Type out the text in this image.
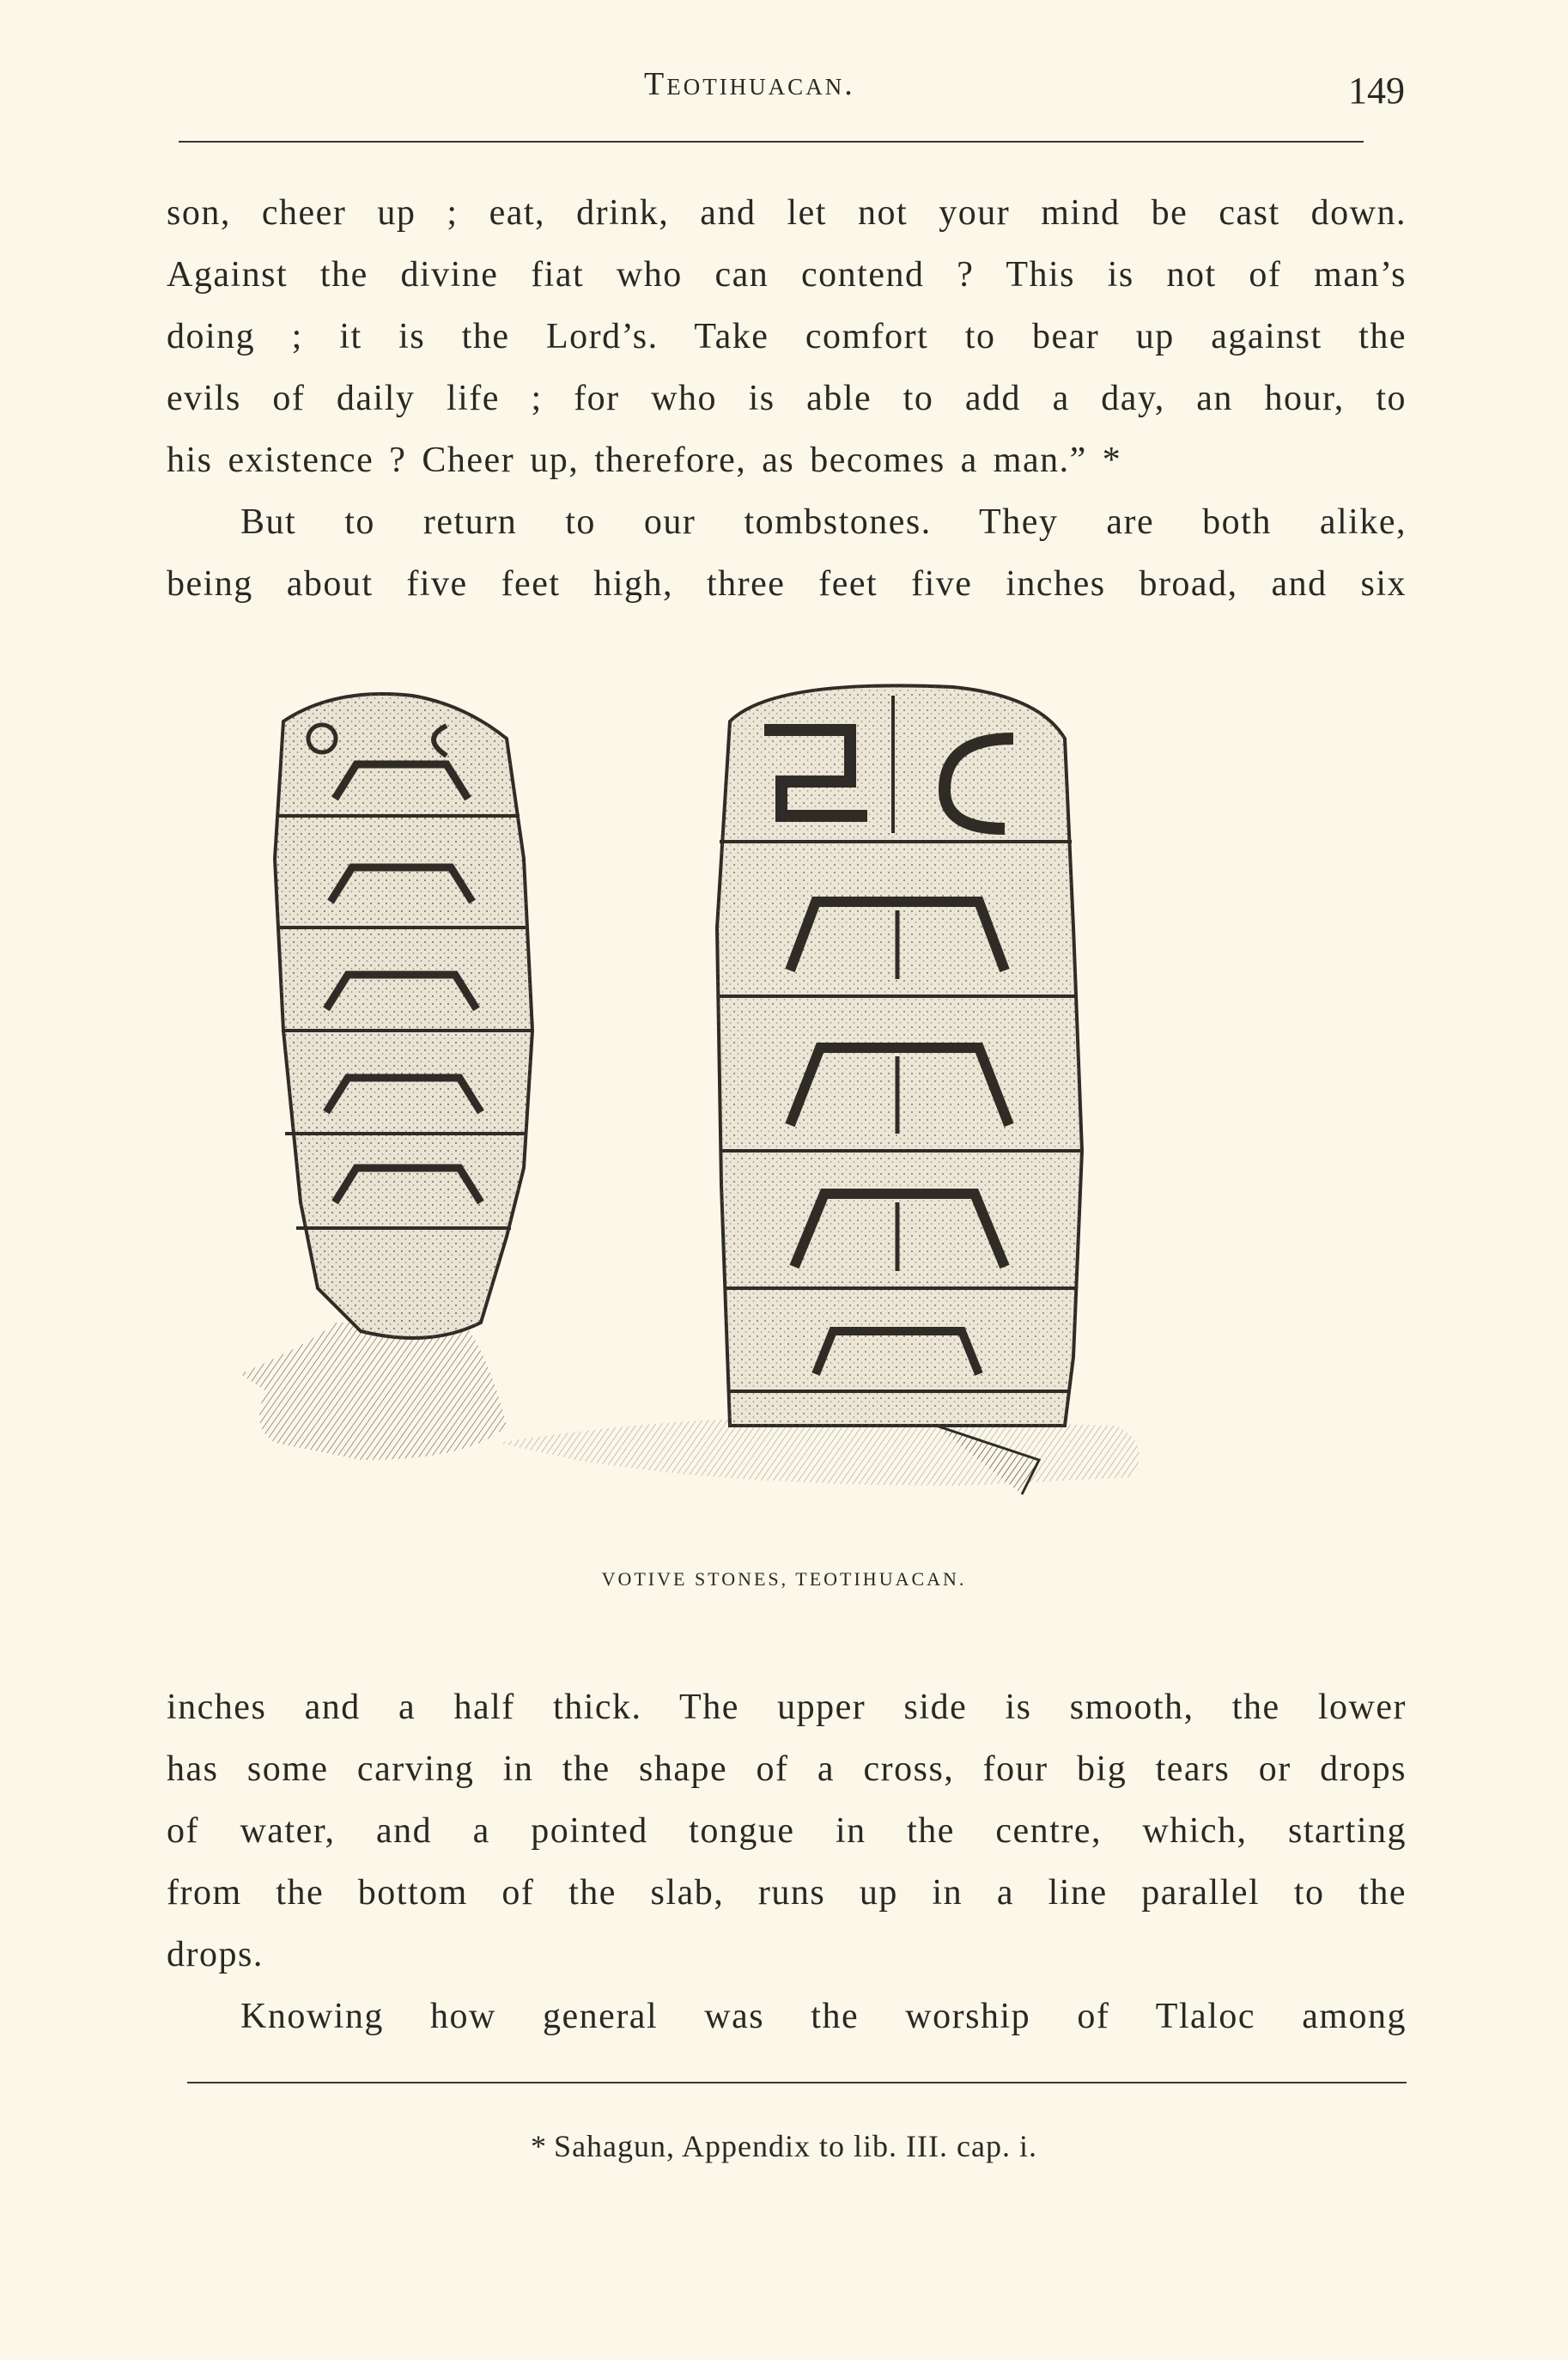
Teotihuacan.	149
son, cheer up ; eat, drink, and let not your mind be cast down.
Against the divine fiat who can contend ? This is not of man’s
doing ; it is the Lord’s. Take comfort to bear up against the
evils of daily life ; for who is able to add a day, an hour, to
his existence ? Cheer up, therefore, as becomes a man.” *
But to return to our tombstones. They are both alike,
being about five feet high, three feet five inches broad, and six
VOTIVE STONES, TEOTIHUACAN.
inches and a half thick. The upper side is smooth, the lower
has some carving in the shape of a cross, four big tears or drops
of water, and a pointed tongue in the centre, which, starting
from the bottom of the slab, runs up in a line parallel to the
drops.
Knowing how general was the worship of Tlaloc among
* Sahagun, Appendix to lib. III. cap. i.
